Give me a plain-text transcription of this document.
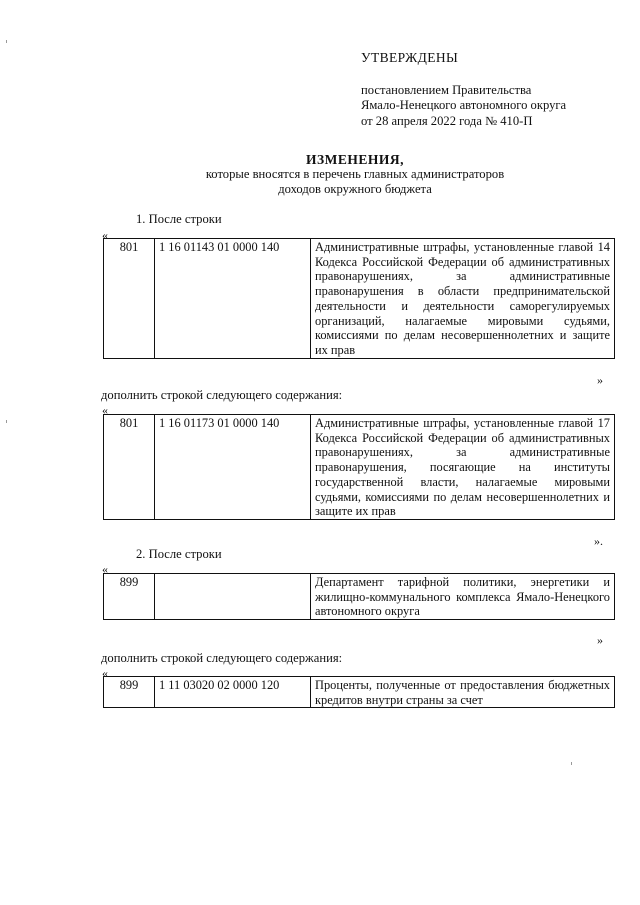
УТВЕРЖДЕНЫ
постановлением Правительства
Ямало-Ненецкого автономного округа
от 28 апреля 2022 года № 410-П
ИЗМЕНЕНИЯ,
которые вносятся в перечень главных администраторов
доходов окружного бюджета
1. После строки
«
801	1 16 01143 01 0000 140	Административные штрафы, установленные главой 14 Кодекса Российской Федерации об административных правонарушениях, за административные правонарушения в области предпринимательской деятельности и деятельности саморегулируемых организаций, налагаемые мировыми судьями, комиссиями по делам несовершеннолетних и защите их прав
»
дополнить строкой следующего содержания:
«
801	1 16 01173 01 0000 140	Административные штрафы, установленные главой 17 Кодекса Российской Федерации об административных правонарушениях, за административные правонарушения, посягающие на институты государственной власти, налагаемые мировыми судьями, комиссиями по делам несовершеннолетних и защите их прав
».
2. После строки
«
899		Департамент тарифной политики, энергетики и жилищно-коммунального комплекса Ямало-Ненецкого автономного округа
»
дополнить строкой следующего содержания:
«
899	1 11 03020 02 0000 120	Проценты, полученные от предоставления бюджетных кредитов внутри страны за счет
